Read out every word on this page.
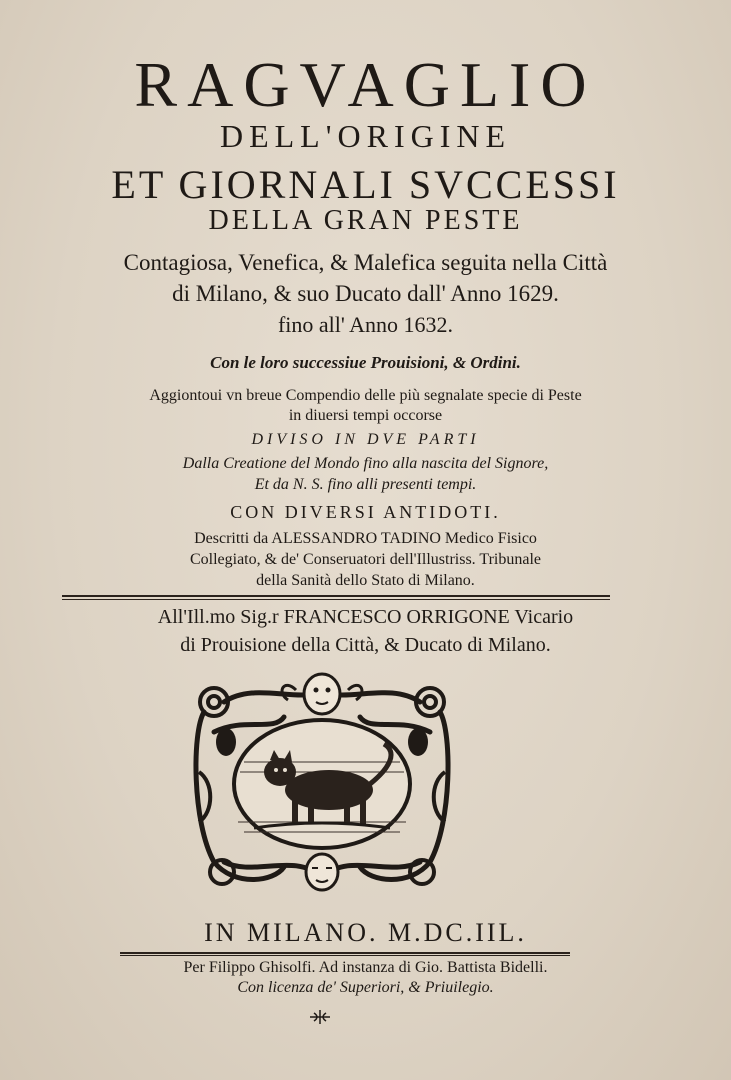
RAGVAGLIO
DELL'ORIGINE
ET GIORNALI SVCCESSI
DELLA GRAN PESTE
Contagiosa, Venefica, & Malefica seguita nella Città
di Milano, & suo Ducato dall' Anno 1629.
fino all' Anno 1632.
Con le loro successiue Prouisioni, & Ordini.
Aggiontoui vn breue Compendio delle più segnalate specie di Peste
in diuersi tempi occorse
DIVISO IN DVE PARTI
Dalla Creatione del Mondo fino alla nascita del Signore,
Et da N. S. fino alli presenti tempi.
CON DIVERSI ANTIDOTI.
Descritti da ALESSANDRO TADINO Medico Fisico
Collegiato, & de' Conseruatori dell'Illustriss. Tribunale
della Sanità dello Stato di Milano.
All'Ill.mo Sig.r FRANCESCO ORRIGONE Vicario
di Prouisione della Città, & Ducato di Milano.
IN MILANO. M.DC.IIL.
Per Filippo Ghisolfi. Ad instanza di Gio. Battista Bidelli.
Con licenza de' Superiori, & Priuilegio.
